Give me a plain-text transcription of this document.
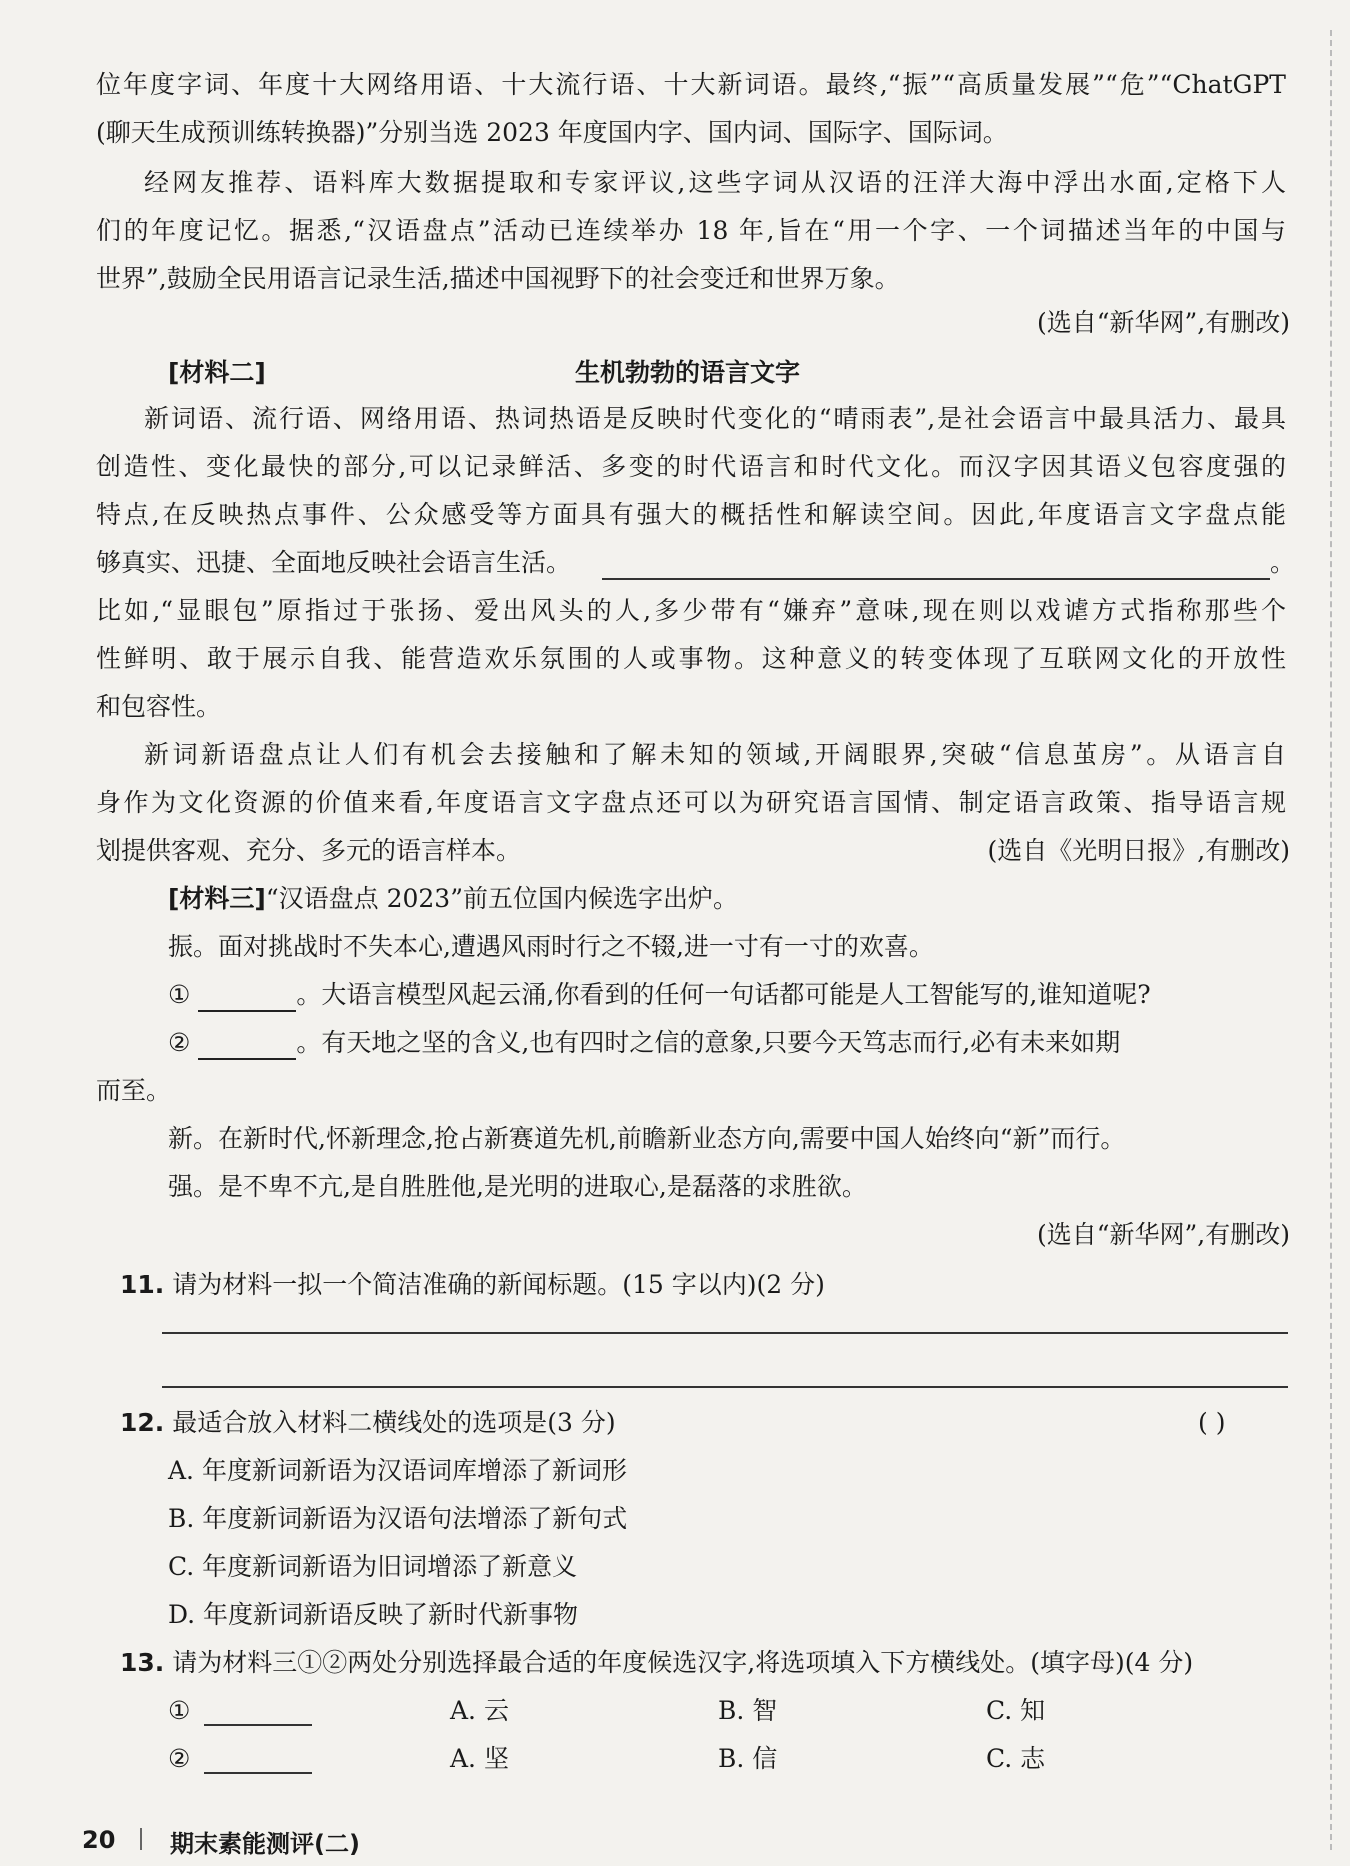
位年度字词、年度十大网络用语、十大流行语、十大新词语。最终,“振”“高质量发展”“危”“ChatGPT
(聊天生成预训练转换器)”分别当选 2023 年度国内字、国内词、国际字、国际词。
经网友推荐、语料库大数据提取和专家评议,这些字词从汉语的汪洋大海中浮出水面,定格下人
们的年度记忆。据悉,“汉语盘点”活动已连续举办 18 年,旨在“用一个字、一个词描述当年的中国与
世界”,鼓励全民用语言记录生活,描述中国视野下的社会变迁和世界万象。
(选自“新华网”,有删改)
[材料二]	生机勃勃的语言文字
新词语、流行语、网络用语、热词热语是反映时代变化的“晴雨表”,是社会语言中最具活力、最具
创造性、变化最快的部分,可以记录鲜活、多变的时代语言和时代文化。而汉字因其语义包容度强的
特点,在反映热点事件、公众感受等方面具有强大的概括性和解读空间。因此,年度语言文字盘点能
够真实、迅捷、全面地反映社会语言生活。	。
比如,“显眼包”原指过于张扬、爱出风头的人,多少带有“嫌弃”意味,现在则以戏谑方式指称那些个
性鲜明、敢于展示自我、能营造欢乐氛围的人或事物。这种意义的转变体现了互联网文化的开放性
和包容性。
新词新语盘点让人们有机会去接触和了解未知的领域,开阔眼界,突破“信息茧房”。从语言自
身作为文化资源的价值来看,年度语言文字盘点还可以为研究语言国情、制定语言政策、指导语言规
划提供客观、充分、多元的语言样本。	(选自《光明日报》,有删改)
[材料三]“汉语盘点 2023”前五位国内候选字出炉。
振。面对挑战时不失本心,遭遇风雨时行之不辍,进一寸有一寸的欢喜。
①	。大语言模型风起云涌,你看到的任何一句话都可能是人工智能写的,谁知道呢?
②	。有天地之坚的含义,也有四时之信的意象,只要今天笃志而行,必有未来如期
而至。
新。在新时代,怀新理念,抢占新赛道先机,前瞻新业态方向,需要中国人始终向“新”而行。
强。是不卑不亢,是自胜胜他,是光明的进取心,是磊落的求胜欲。
(选自“新华网”,有删改)
11. 请为材料一拟一个简洁准确的新闻标题。(15 字以内)(2 分)
12. 最适合放入材料二横线处的选项是(3 分)	( )
A. 年度新词新语为汉语词库增添了新词形
B. 年度新词新语为汉语句法增添了新句式
C. 年度新词新语为旧词增添了新意义
D. 年度新词新语反映了新时代新事物
13. 请为材料三①②两处分别选择最合适的年度候选汉字,将选项填入下方横线处。(填字母)(4 分)
①	A. 云	B. 智	C. 知
②	A. 坚	B. 信	C. 志
20 期末素能测评(二)
